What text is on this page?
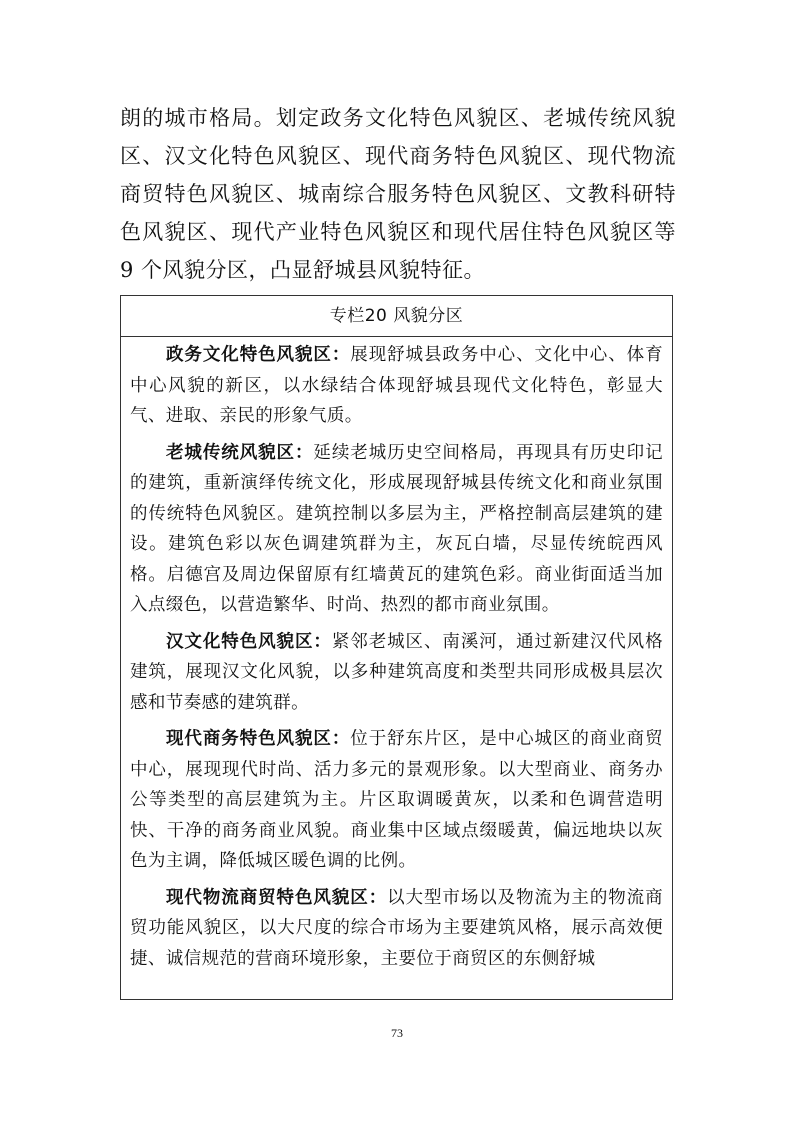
朗的城市格局。划定政务文化特色风貌区、老城传统风貌区、汉文化特色风貌区、现代商务特色风貌区、现代物流商贸特色风貌区、城南综合服务特色风貌区、文教科研特色风貌区、现代产业特色风貌区和现代居住特色风貌区等 9 个风貌分区，凸显舒城县风貌特征。

专栏20 风貌分区

政务文化特色风貌区：展现舒城县政务中心、文化中心、体育中心风貌的新区，以水绿结合体现舒城县现代文化特色，彰显大气、进取、亲民的形象气质。

老城传统风貌区：延续老城历史空间格局，再现具有历史印记的建筑，重新演绎传统文化，形成展现舒城县传统文化和商业氛围的传统特色风貌区。建筑控制以多层为主，严格控制高层建筑的建设。建筑色彩以灰色调建筑群为主，灰瓦白墙，尽显传统皖西风格。启德宫及周边保留原有红墙黄瓦的建筑色彩。商业街面适当加入点缀色，以营造繁华、时尚、热烈的都市商业氛围。

汉文化特色风貌区：紧邻老城区、南溪河，通过新建汉代风格建筑，展现汉文化风貌，以多种建筑高度和类型共同形成极具层次感和节奏感的建筑群。

现代商务特色风貌区：位于舒东片区，是中心城区的商业商贸中心，展现现代时尚、活力多元的景观形象。以大型商业、商务办公等类型的高层建筑为主。片区取调暖黄灰，以柔和色调营造明快、干净的商务商业风貌。商业集中区域点缀暖黄，偏远地块以灰色为主调，降低城区暖色调的比例。

现代物流商贸特色风貌区：以大型市场以及物流为主的物流商贸功能风貌区，以大尺度的综合市场为主要建筑风格，展示高效便捷、诚信规范的营商环境形象，主要位于商贸区的东侧舒城

73
